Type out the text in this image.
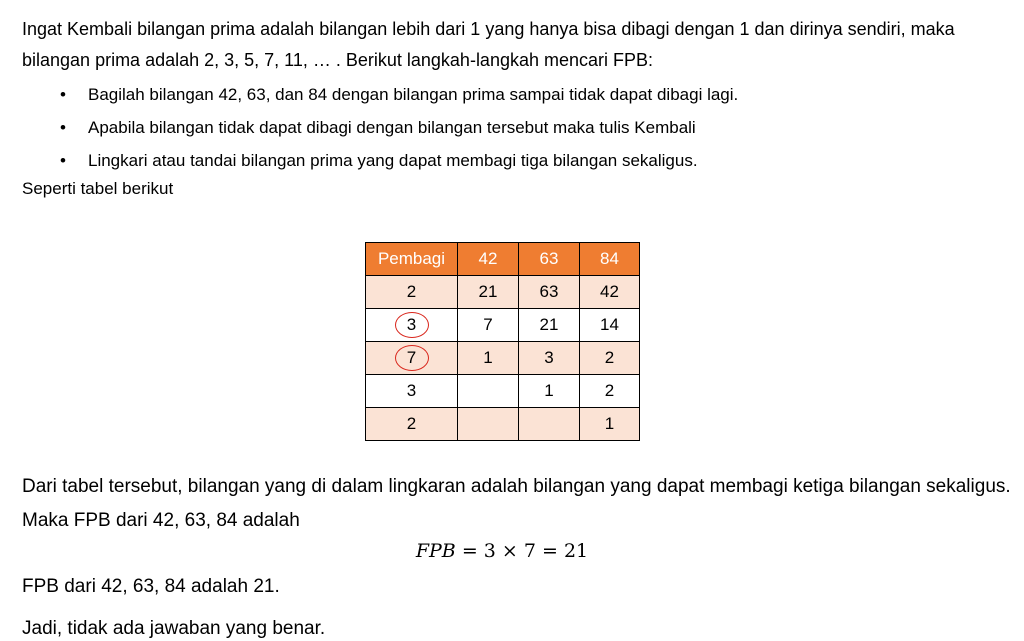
Ingat Kembali bilangan prima adalah bilangan lebih dari 1 yang hanya bisa dibagi dengan 1 dan dirinya sendiri, maka bilangan prima adalah 2, 3, 5, 7, 11, … . Berikut langkah-langkah mencari FPB:

• Bagilah bilangan 42, 63, dan 84 dengan bilangan prima sampai tidak dapat dibagi lagi.
• Apabila bilangan tidak dapat dibagi dengan bilangan tersebut maka tulis Kembali
• Lingkari atau tandai bilangan prima yang dapat membagi tiga bilangan sekaligus.

Seperti tabel berikut

Pembagi	42	63	84
2	21	63	42
3	7	21	14
7	1	3	2
3		1	2
2			1

Dari tabel tersebut, bilangan yang di dalam lingkaran adalah bilangan yang dapat membagi ketiga bilangan sekaligus. Maka FPB dari 42, 63, 84 adalah

FPB = 3 × 7 = 21

FPB dari 42, 63, 84 adalah 21.

Jadi, tidak ada jawaban yang benar.
